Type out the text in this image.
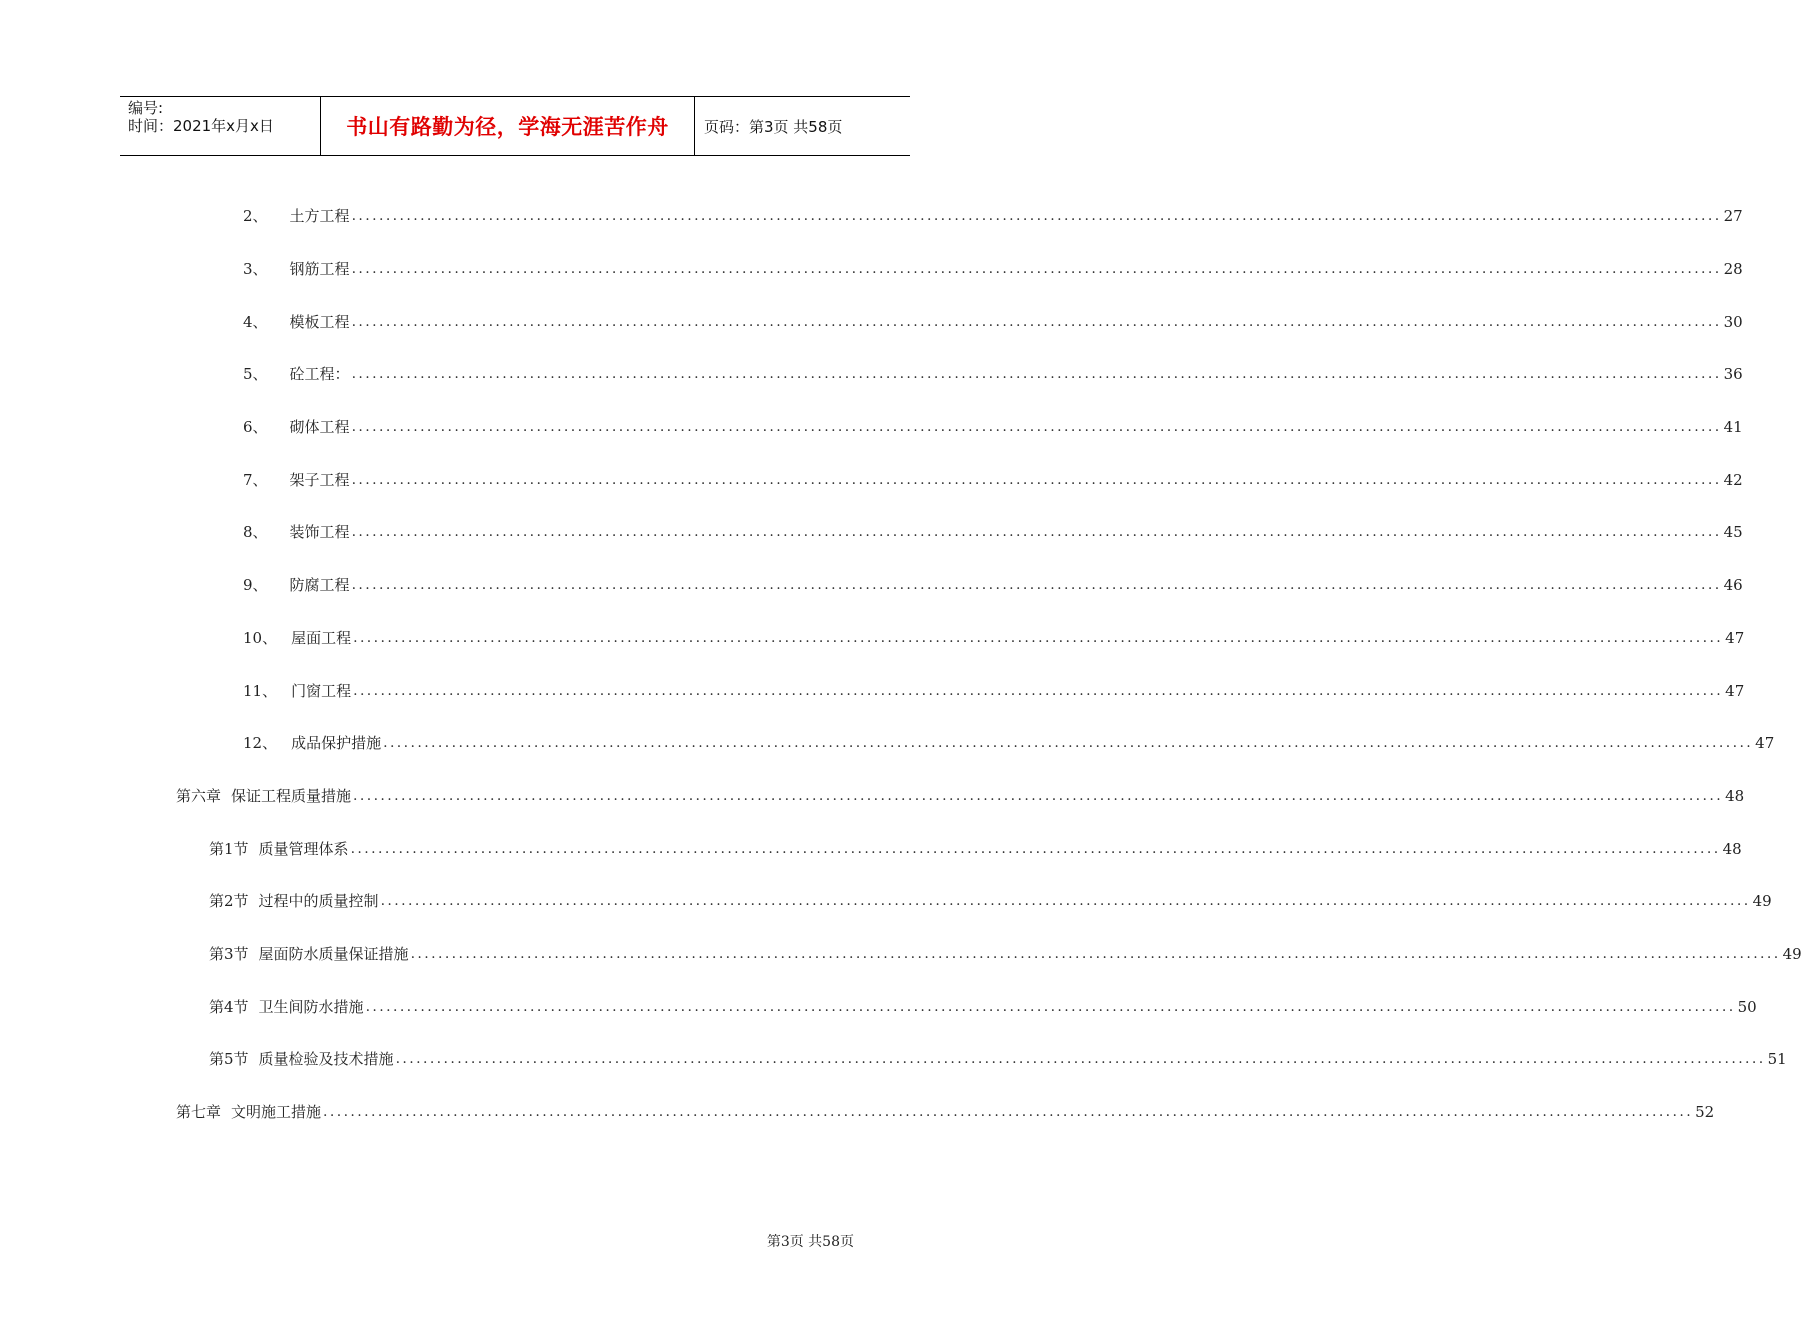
编号:
时间：2021年x月x日	书山有路勤为径，学海无涯苦作舟	页码：第3页 共58页
2、 土方工程 ........................................................................................................................................................................................................ 27
3、 钢筋工程 ........................................................................................................................................................................................................ 28
4、 模板工程 ........................................................................................................................................................................................................ 30
5、 砼工程： ........................................................................................................................................................................................................ 36
6、 砌体工程 ........................................................................................................................................................................................................ 41
7、 架子工程 ........................................................................................................................................................................................................ 42
8、 装饰工程 ........................................................................................................................................................................................................ 45
9、 防腐工程 ........................................................................................................................................................................................................ 46
10、 屋面工程 ........................................................................................................................................................................................................ 47
11、 门窗工程 ........................................................................................................................................................................................................ 47
12、 成品保护措施 ........................................................................................................................................................................................................ 47
第六章 保证工程质量措施 ........................................................................................................................................................................................................ 48
第1节 质量管理体系 ........................................................................................................................................................................................................ 48
第2节 过程中的质量控制 ........................................................................................................................................................................................................ 49
第3节 屋面防水质量保证措施 ........................................................................................................................................................................................................ 49
第4节 卫生间防水措施 ........................................................................................................................................................................................................ 50
第5节 质量检验及技术措施 ........................................................................................................................................................................................................ 51
第七章 文明施工措施 ........................................................................................................................................................................................................ 52
第3页 共58页
